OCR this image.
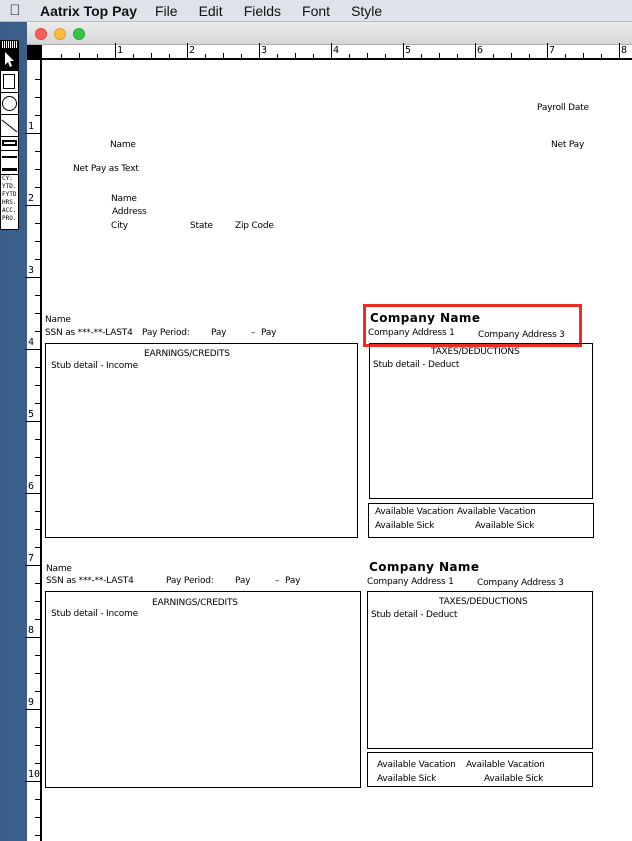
Aatrix Top Pay File Edit Fields Font Style
CY:
YTD.
FYTD
HRS.
ACC.
PRO.
1	2	3	4	5	6	7	8
1
2
3
4
5
6
7
8
9
10
Payroll Date
Name	Net Pay
Net Pay as Text
Name
Address
City	State Zip Code
Name
SSN as ***-**-LAST4 Pay Period: Pay	– Pay
EARNINGS/CREDITS
Stub detail - Income
Company Name
Company Address 1	Company Address 3
TAXES/DEDUCTIONS
Stub detail - Deduct
Available Vacation Available Vacation
Available Sick	Available Sick
Name
SSN as ***-**-LAST4	Pay Period: Pay	– Pay
EARNINGS/CREDITS
Stub detail - Income
Company Name
Company Address 1	Company Address 3
TAXES/DEDUCTIONS
Stub detail - Deduct
Available Vacation Available Vacation
Available Sick	Available Sick
